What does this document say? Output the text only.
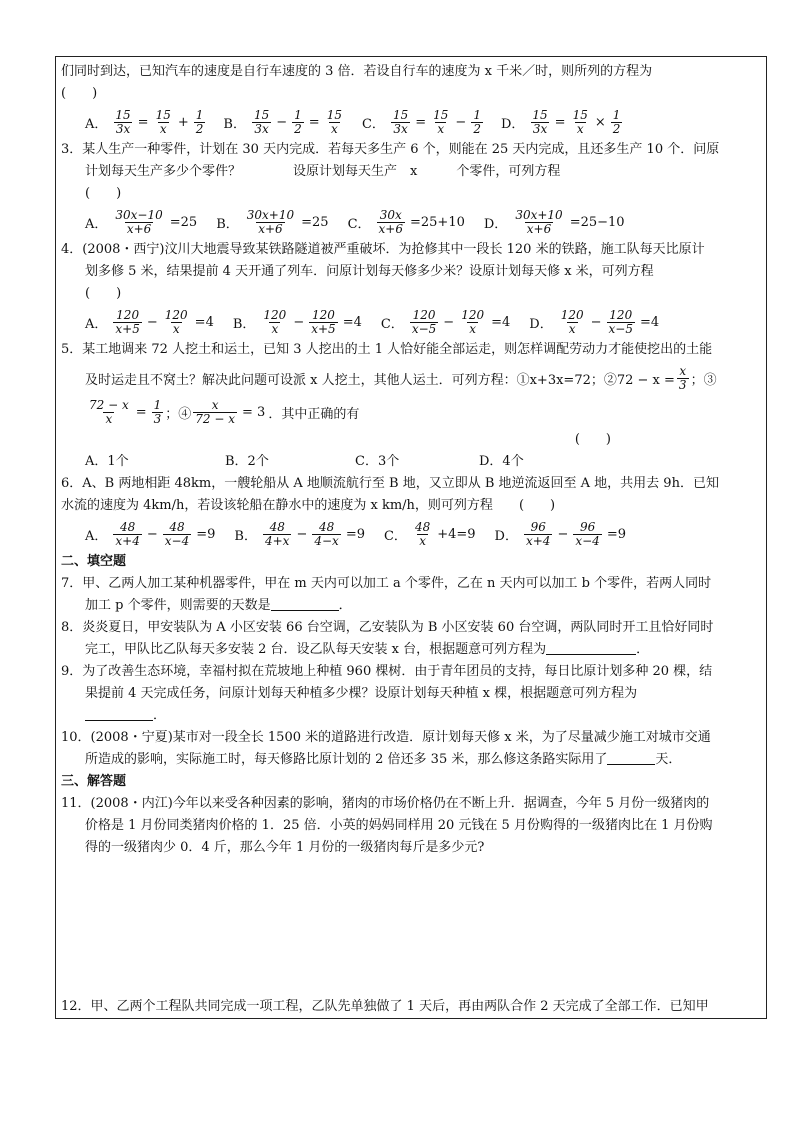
们同时到达，已知汽车的速度是自行车速度的 3 倍．若设自行车的速度为 x 千米／时，则所列的方程为
(　　)
A． $\frac{15}{3x} = \frac{15}{x} + \frac{1}{2}$ B． $\frac{15}{3x} - \frac{1}{2} = \frac{15}{x}$ C． $\frac{15}{3x} = \frac{15}{x} - \frac{1}{2}$ D． $\frac{15}{3x} = \frac{15}{x} \times \frac{1}{2}$
3．某人生产一种零件，计划在 30 天内完成．若每天多生产 6 个，则能在 25 天内完成，且还多生产 10 个．问原
计划每天生产多少个零件？　　　　设原计划每天生产　x　　　个零件，可列方程
(　　)
A． $\frac{30x-10}{x+6} =25$ B． $\frac{30x+10}{x+6} =25$ C． $\frac{30x}{x+6} =25+10$ D． $\frac{30x+10}{x+6} =25-10$
4．(2008・西宁)汶川大地震导致某铁路隧道被严重破坏．为抢修其中一段长 120 米的铁路，施工队每天比原计
划多修 5 米，结果提前 4 天开通了列车．问原计划每天修多少米？设原计划每天修 x 米，可列方程
(　　)
A． $\frac{120}{x+5} - \frac{120}{x} =4$ B． $\frac{120}{x} - \frac{120}{x+5} =4$ C． $\frac{120}{x-5} - \frac{120}{x} =4$ D． $\frac{120}{x} - \frac{120}{x-5} =4$
5．某工地调来 72 人挖土和运土，已知 3 人挖出的土 1 人恰好能全部运走，则怎样调配劳动力才能使挖出的土能
及时运走且不窝土？解决此问题可设派 x 人挖土，其他人运土．可列方程：①x+3x=72；②72 − $x = \frac{x}{3}$ ；③
$\frac{72 - x}{x} = \frac{1}{3}$ ；④ $\frac{x}{72 - x} = 3$ ．其中正确的有
(　　)
A．1个	B．2个	C．3个	D．4个
6．A、B 两地相距 48km，一艘轮船从 A 地顺流航行至 B 地，又立即从 B 地逆流返回至 A 地，共用去 9h．已知
水流的速度为 4km/h，若设该轮船在静水中的速度为 x km/h，则可列方程　　 (　　)
A． $\frac{48}{x+4} - \frac{48}{x-4} =9$ B． $\frac{48}{4+x} - \frac{48}{4-x} =9$ C． $\frac{48}{x} +4=9$ D． $\frac{96}{x+4} - \frac{96}{x-4} =9$
二、填空题
7．甲、乙两人加工某种机器零件，甲在 m 天内可以加工 a 个零件，乙在 n 天内可以加工 b 个零件，若两人同时
加工 p 个零件，则需要的天数是	．
8．炎炎夏日，甲安装队为 A 小区安装 66 台空调，乙安装队为 B 小区安装 60 台空调，两队同时开工且恰好同时
完工，甲队比乙队每天多安装 2 台．设乙队每天安装 x 台，根据题意可列方程为	．
9．为了改善生态环境，幸福村拟在荒坡地上种植 960 棵树．由于青年团员的支持，每日比原计划多种 20 棵，结
果提前 4 天完成任务，问原计划每天种植多少棵？设原计划每天种植 x 棵，根据题意可列方程为
．
10．(2008・宁夏)某市对一段全长 1500 米的道路进行改造．原计划每天修 x 米，为了尽量减少施工对城市交通
所造成的影响，实际施工时，每天修路比原计划的 2 倍还多 35 米，那么修这条路实际用了	天．
三、解答题
11．(2008・内江)今年以来受各种因素的影响，猪肉的市场价格仍在不断上升．据调查，今年 5 月份一级猪肉的
价格是 1 月份同类猪肉价格的 1．25 倍．小英的妈妈同样用 20 元钱在 5 月份购得的一级猪肉比在 1 月份购
得的一级猪肉少 0．4 斤，那么今年 1 月份的一级猪肉每斤是多少元?
12．甲、乙两个工程队共同完成一项工程，乙队先单独做了 1 天后，再由两队合作 2 天完成了全部工作．已知甲
